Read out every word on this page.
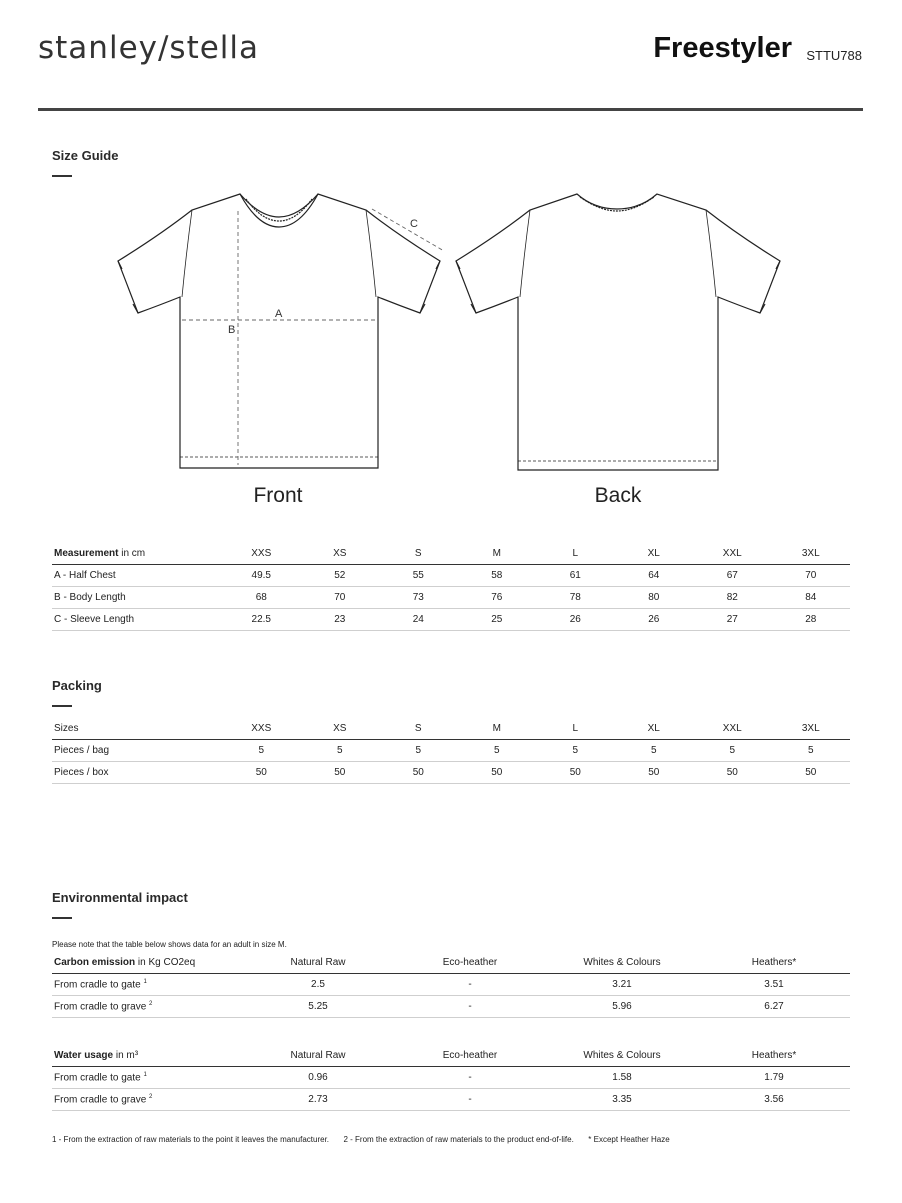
stanley/stella	Freestyler STTU788
Size Guide
A
B
C
Front	Back
Measurement in cm	XXS	XS	S	M	L	XL	XXL	3XL
A - Half Chest	49.5	52	55	58	61	64	67	70
B - Body Length	68	70	73	76	78	80	82	84
C - Sleeve Length	22.5	23	24	25	26	26	27	28
Packing
Sizes	XXS	XS	S	M	L	XL	XXL	3XL
Pieces / bag	5	5	5	5	5	5	5	5
Pieces / box	50	50	50	50	50	50	50	50
Environmental impact
Please note that the table below shows data for an adult in size M.
Carbon emission in Kg CO2eq	Natural Raw	Eco-heather	Whites & Colours	Heathers*
From cradle to gate $^1$	2.5	-	3.21	3.51
From cradle to grave $^2$	5.25	-	5.96	6.27
Water usage in m³	Natural Raw	Eco-heather	Whites & Colours	Heathers*
From cradle to gate $^1$	0.96	-	1.58	1.79
From cradle to grave $^2$	2.73	-	3.35	3.56
1 - From the extraction of raw materials to the point it leaves the manufacturer. 2 - From the extraction of raw materials to the product end-of-life. * Except Heather Haze
